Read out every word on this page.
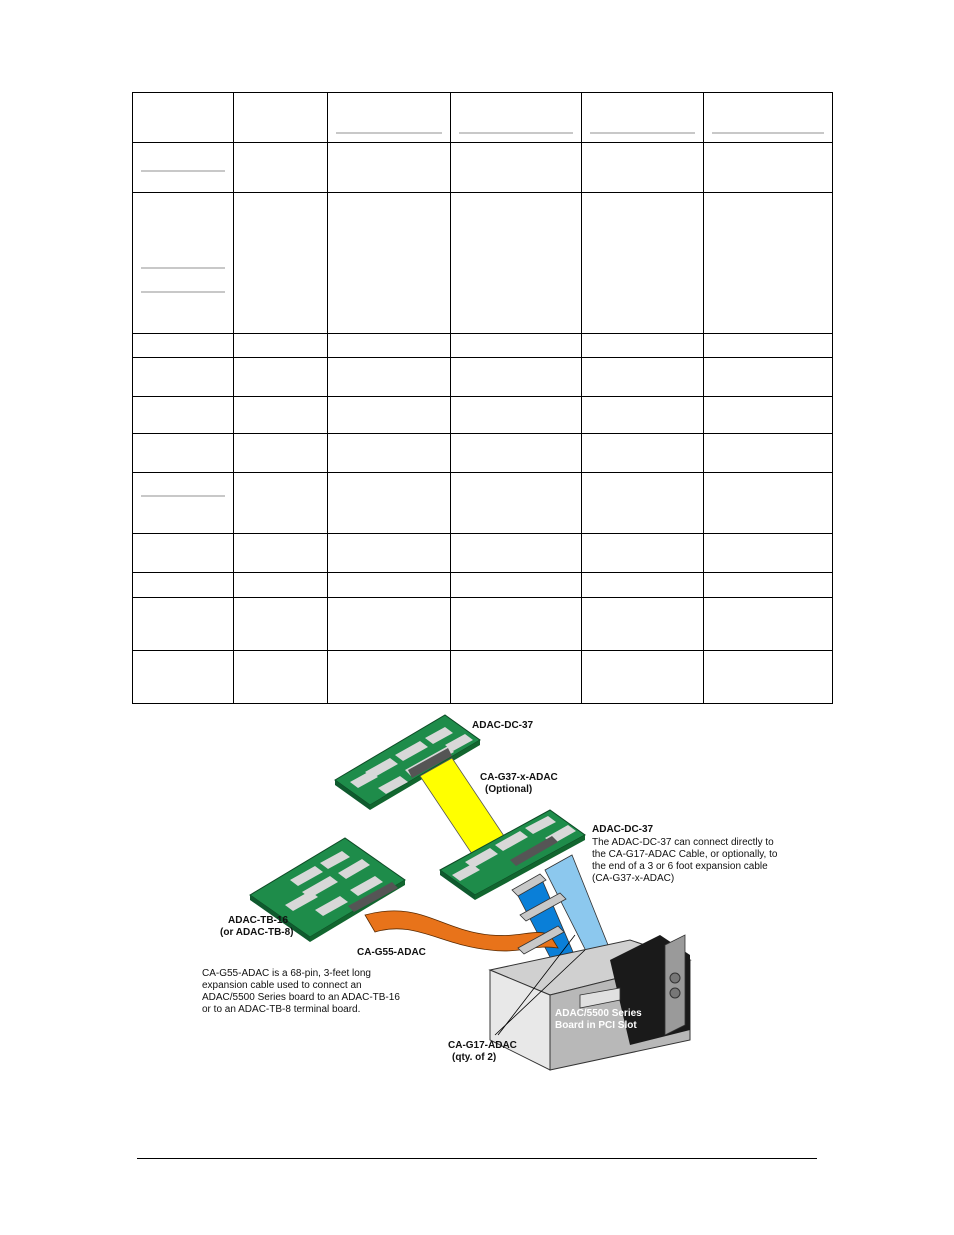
ADAC-DC-37
CA-G37-x-ADAC
(Optional)
ADAC-DC-37
The ADAC-DC-37 can connect directly to
the CA-G17-ADAC Cable, or optionally, to
the end of a 3 or 6 foot expansion cable
(CA-G37-x-ADAC)
ADAC-TB-16
(or ADAC-TB-8)
CA-G55-ADAC
CA-G55-ADAC is a 68-pin, 3-feet long
expansion cable used to connect an
ADAC/5500 Series board to an ADAC-TB-16
or to an ADAC-TB-8 terminal board.	ADAC/5500 Series
Board in PCI Slot
CA-G17-ADAC
(qty. of 2)
